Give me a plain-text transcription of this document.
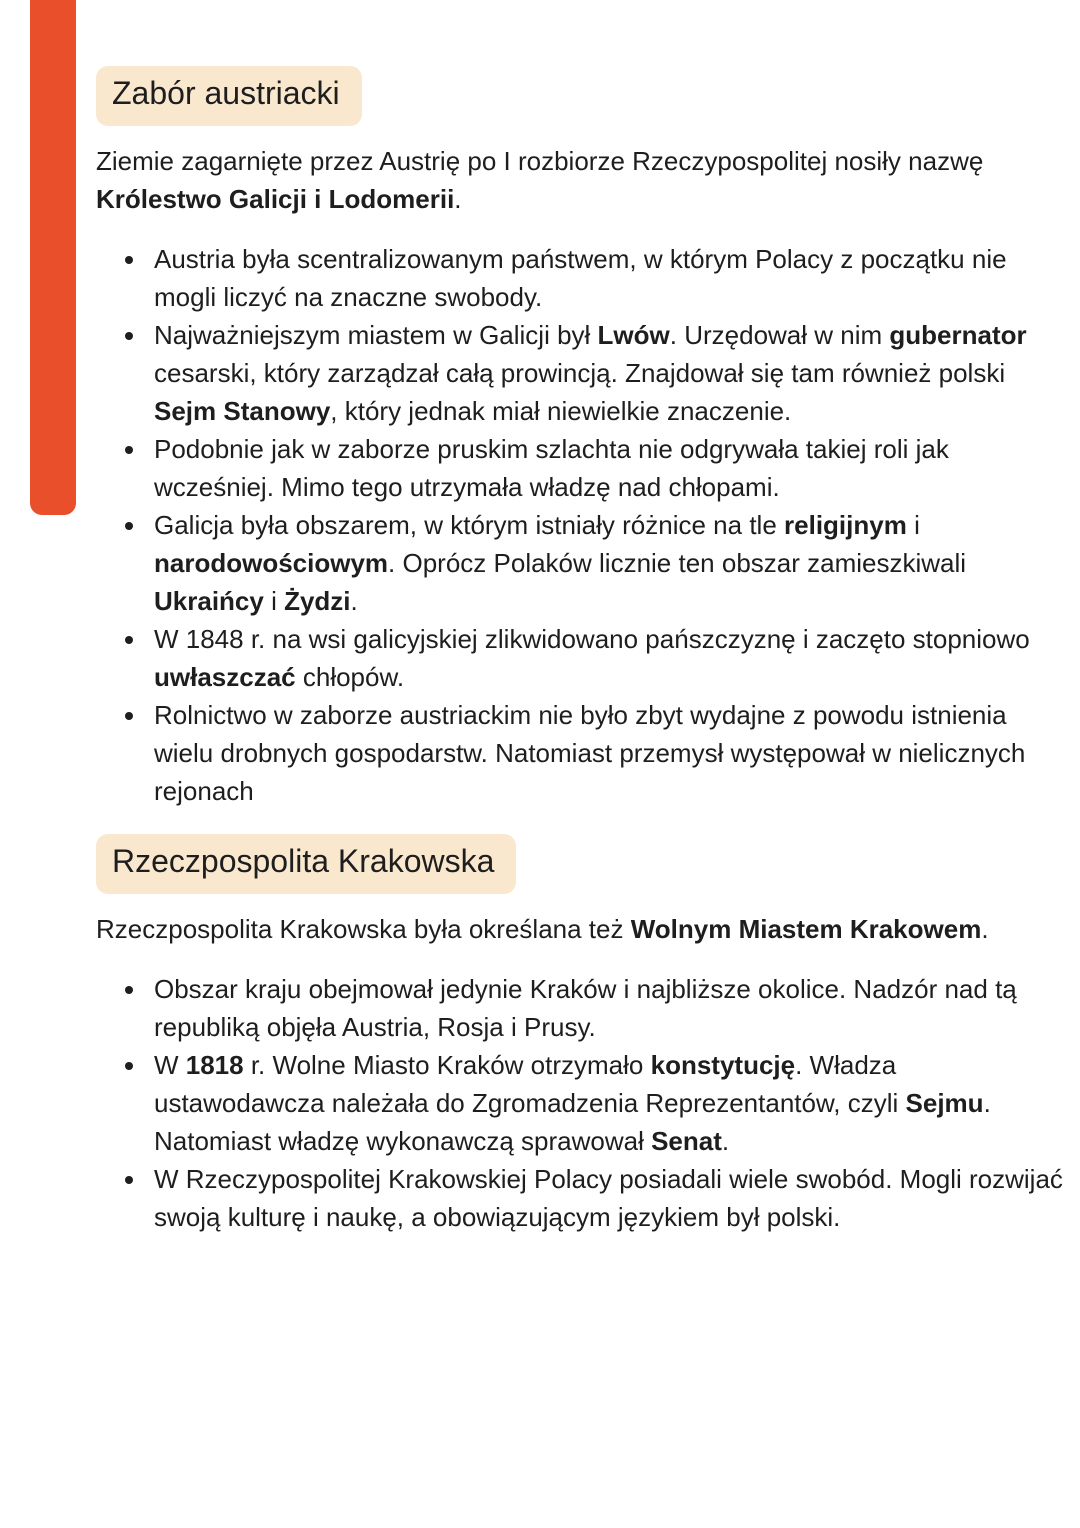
Zabór austriacki

Ziemie zagarnięte przez Austrię po I rozbiorze Rzeczypospolitej nosiły nazwę Królestwo Galicji i Lodomerii.

• Austria była scentralizowanym państwem, w którym Polacy z początku nie mogli liczyć na znaczne swobody.
• Najważniejszym miastem w Galicji był Lwów. Urzędował w nim gubernator cesarski, który zarządzał całą prowincją. Znajdował się tam również polski Sejm Stanowy, który jednak miał niewielkie znaczenie.
• Podobnie jak w zaborze pruskim szlachta nie odgrywała takiej roli jak wcześniej. Mimo tego utrzymała władzę nad chłopami.
• Galicja była obszarem, w którym istniały różnice na tle religijnym i narodowościowym. Oprócz Polaków licznie ten obszar zamieszkiwali Ukraińcy i Żydzi.
• W 1848 r. na wsi galicyjskiej zlikwidowano pańszczyznę i zaczęto stopniowo uwłaszczać chłopów.
• Rolnictwo w zaborze austriackim nie było zbyt wydajne z powodu istnienia wielu drobnych gospodarstw. Natomiast przemysł występował w nielicznych rejonach
Rzeczpospolita Krakowska

Rzeczpospolita Krakowska była określana też Wolnym Miastem Krakowem.

• Obszar kraju obejmował jedynie Kraków i najbliższe okolice. Nadzór nad tą republiką objęła Austria, Rosja i Prusy.
• W 1818 r. Wolne Miasto Kraków otrzymało konstytucję. Władza ustawodawcza należała do Zgromadzenia Reprezentantów, czyli Sejmu. Natomiast władzę wykonawczą sprawował Senat.
• W Rzeczypospolitej Krakowskiej Polacy posiadali wiele swobód. Mogli rozwijać swoją kulturę i naukę, a obowiązującym językiem był polski.
